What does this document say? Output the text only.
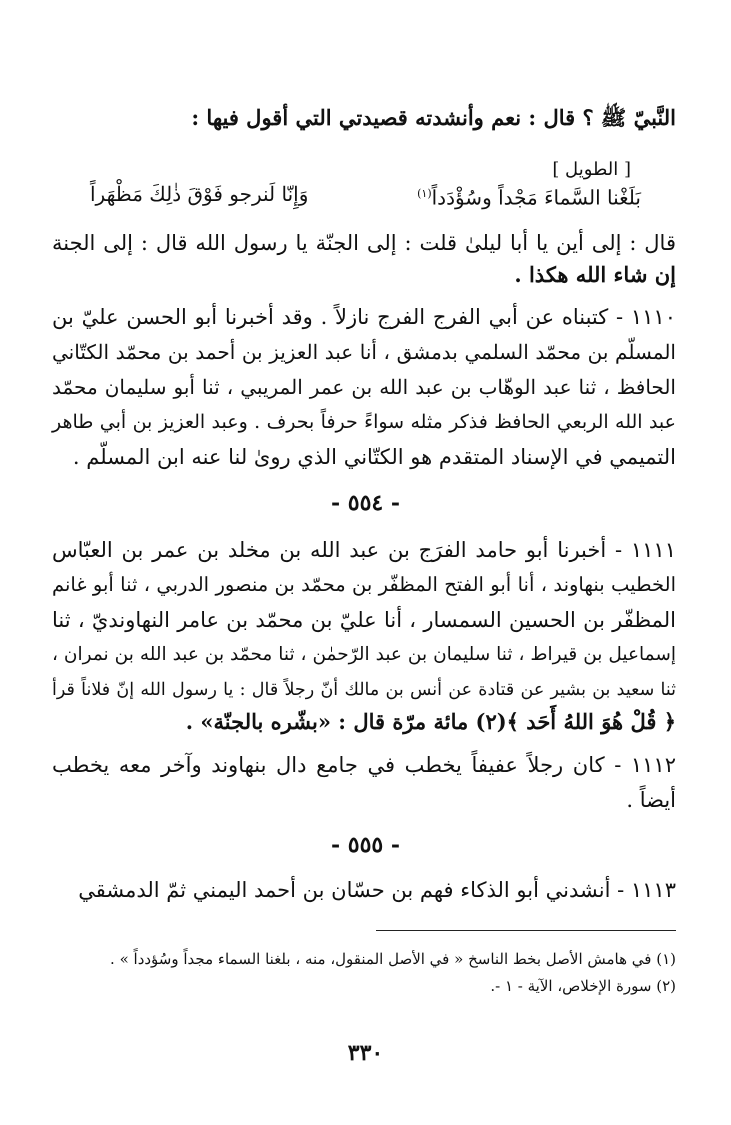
النَّبيّ ﷺ ؟ قال : نعم وأنشدته قصيدتي التي أقول فيها :
[ الطويل ]
بَلَغْنا السَّماءَ مَجْداً وسُؤْدَداً$^{(١)}$
وَإِنّا لَنرجو فَوْقَ ذٰلِكَ مَظْهَراً
قال : إلى أين يا أبا ليلىٰ قلت : إلى الجنّة يا رسول الله قال : إلى الجنة
إن شاء الله هكذا .
١١١٠ - كتبناه عن أبي الفرج الفرج نازلاً . وقد أخبرنا أبو الحسن عليّ بن
المسلّم بن محمّد السلمي بدمشق ، أنا عبد العزيز بن أحمد بن محمّد الكتّاني
الحافظ ، ثنا عبد الوهّاب بن عبد الله بن عمر المريبي ، ثنا أبو سليمان محمّد
عبد الله الربعي الحافظ فذكر مثله سواءً حرفاً بحرف . وعبد العزيز بن أبي طاهر
التميمي في الإسناد المتقدم هو الكتّاني الذي روىٰ لنا عنه ابن المسلّم .
- ٥٥٤ -
١١١١ - أخبرنا أبو حامد الفرَج بن عبد الله بن مخلد بن عمر بن العبّاس
الخطيب بنهاوند ، أنا أبو الفتح المظفّر بن محمّد بن منصور الدربي ، ثنا أبو غانم
المظفّر بن الحسين السمسار ، أنا عليّ بن محمّد بن عامر النهاونديّ ، ثنا
إسماعيل بن قيراط ، ثنا سليمان بن عبد الرّحمٰن ، ثنا محمّد بن عبد الله بن نمران ،
ثنا سعيد بن بشير عن قتادة عن أنس بن مالك أنّ رجلاً قال : يا رسول الله إنّ فلاناً قرأ
﴿ قُلْ هُوَ اللهُ أَحَد ﴾(٢) مائة مرّة قال : «بشّره بالجنّة» .
١١١٢ - كان رجلاً عفيفاً يخطب في جامع دال بنهاوند وآخر معه يخطب
أيضاً .
- ٥٥٥ -
١١١٣ - أنشدني أبو الذكاء فهم بن حسّان بن أحمد اليمني ثمّ الدمشقي
(١) في هامش الأصل بخط الناسخ « في الأصل المنقول، منه ، بلغنا السماء مجداً وسُؤدداً » .
(٢) سورة الإخلاص، الآية - ١ -.
٣٣٠
